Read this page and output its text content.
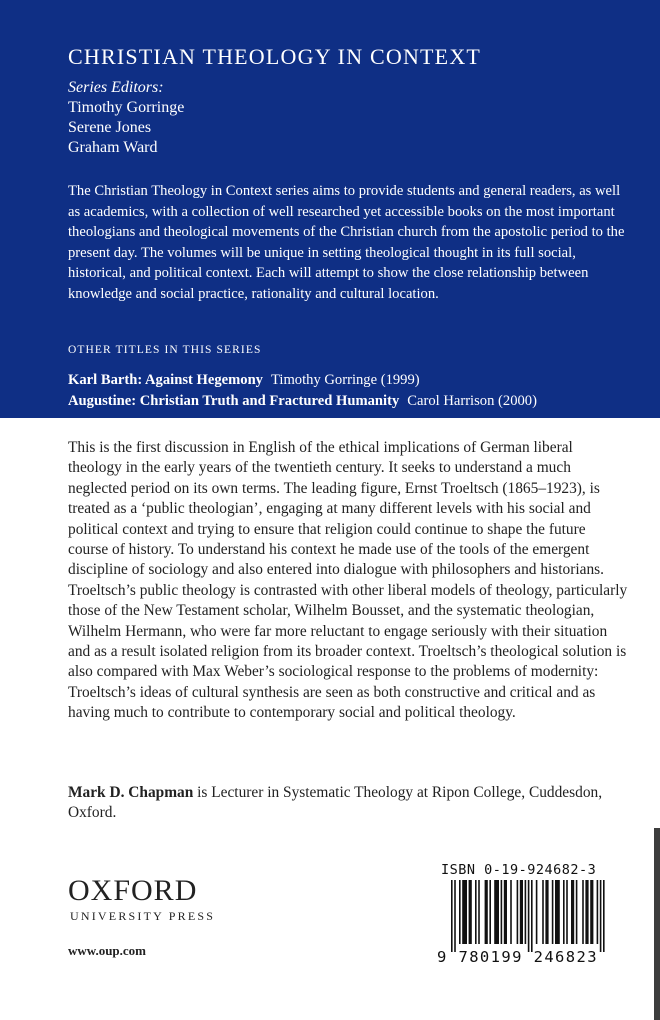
CHRISTIAN THEOLOGY IN CONTEXT
Series Editors:
Timothy Gorringe
Serene Jones
Graham Ward
The Christian Theology in Context series aims to provide students and general readers, as well as academics, with a collection of well researched yet accessible books on the most important theologians and theological movements of the Christian church from the apostolic period to the present day. The volumes will be unique in setting theological thought in its full social, historical, and political context. Each will attempt to show the close relationship between knowledge and social practice, rationality and cultural location.
OTHER TITLES IN THIS SERIES
Karl Barth: Against Hegemony Timothy Gorringe (1999)
Augustine: Christian Truth and Fractured Humanity Carol Harrison (2000)
This is the first discussion in English of the ethical implications of German liberal theology in the early years of the twentieth century. It seeks to understand a much neglected period on its own terms. The leading figure, Ernst Troeltsch (1865–1923), is treated as a ‘public theologian’, engaging at many different levels with his social and political context and trying to ensure that religion could continue to shape the future course of history. To understand his context he made use of the tools of the emergent discipline of sociology and also entered into dialogue with philosophers and historians. Troeltsch’s public theology is contrasted with other liberal models of theology, particularly those of the New Testament scholar, Wilhelm Bousset, and the systematic theologian, Wilhelm Hermann, who were far more reluctant to engage seriously with their situation and as a result isolated religion from its broader context. Troeltsch’s theological solution is also compared with Max Weber’s sociological response to the problems of modernity: Troeltsch’s ideas of cultural synthesis are seen as both constructive and critical and as having much to contribute to contemporary social and political theology.
Mark D. Chapman is Lecturer in Systematic Theology at Ripon College, Cuddesdon, Oxford.
OXFORD
UNIVERSITY PRESS
www.oup.com
ISBN 0-19-924682-3
9 780199 246823
